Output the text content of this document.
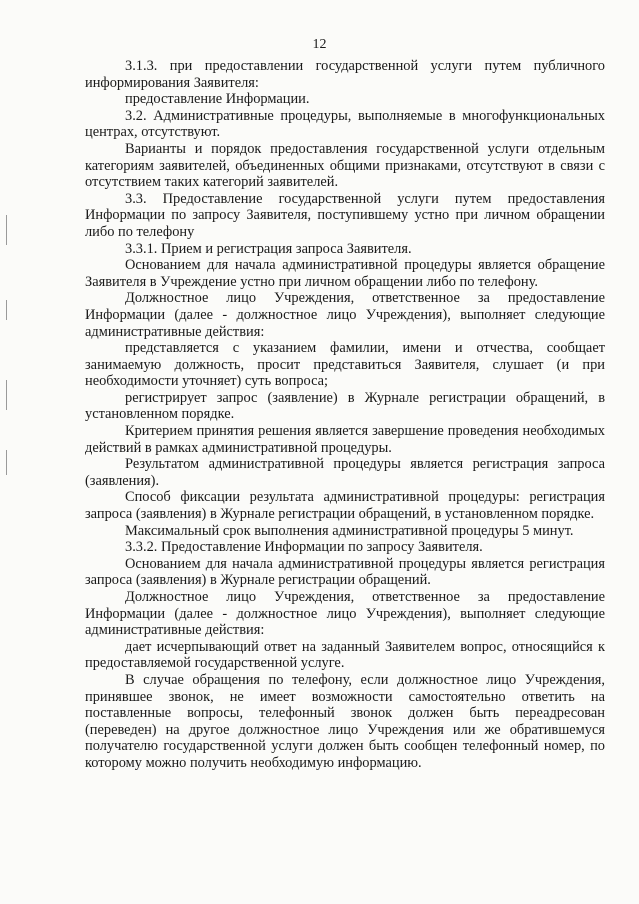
12

3.1.3. при предоставлении государственной услуги путем публичного информирования Заявителя:

предоставление Информации.

3.2. Административные процедуры, выполняемые в многофункциональных центрах, отсутствуют.

Варианты и порядок предоставления государственной услуги отдельным категориям заявителей, объединенных общими признаками, отсутствуют в связи с отсутствием таких категорий заявителей.

3.3. Предоставление государственной услуги путем предоставления Информации по запросу Заявителя, поступившему устно при личном обращении либо по телефону

3.3.1. Прием и регистрация запроса Заявителя.

Основанием для начала административной процедуры является обращение Заявителя в Учреждение устно при личном обращении либо по телефону.

Должностное лицо Учреждения, ответственное за предоставление Информации (далее - должностное лицо Учреждения), выполняет следующие административные действия:

представляется с указанием фамилии, имени и отчества, сообщает занимаемую должность, просит представиться Заявителя, слушает (и при необходимости уточняет) суть вопроса;

регистрирует запрос (заявление) в Журнале регистрации обращений, в установленном порядке.

Критерием принятия решения является завершение проведения необходимых действий в рамках административной процедуры.

Результатом административной процедуры является регистрация запроса (заявления).

Способ фиксации результата административной процедуры: регистрация запроса (заявления) в Журнале регистрации обращений, в установленном порядке.

Максимальный срок выполнения административной процедуры 5 минут.

3.3.2. Предоставление Информации по запросу Заявителя.

Основанием для начала административной процедуры является регистрация запроса (заявления) в Журнале регистрации обращений.

Должностное лицо Учреждения, ответственное за предоставление Информации (далее - должностное лицо Учреждения), выполняет следующие административные действия:

дает исчерпывающий ответ на заданный Заявителем вопрос, относящийся к предоставляемой государственной услуге.

В случае обращения по телефону, если должностное лицо Учреждения, принявшее звонок, не имеет возможности самостоятельно ответить на поставленные вопросы, телефонный звонок должен быть переадресован (переведен) на другое должностное лицо Учреждения или же обратившемуся получателю государственной услуги должен быть сообщен телефонный номер, по которому можно получить необходимую информацию.
